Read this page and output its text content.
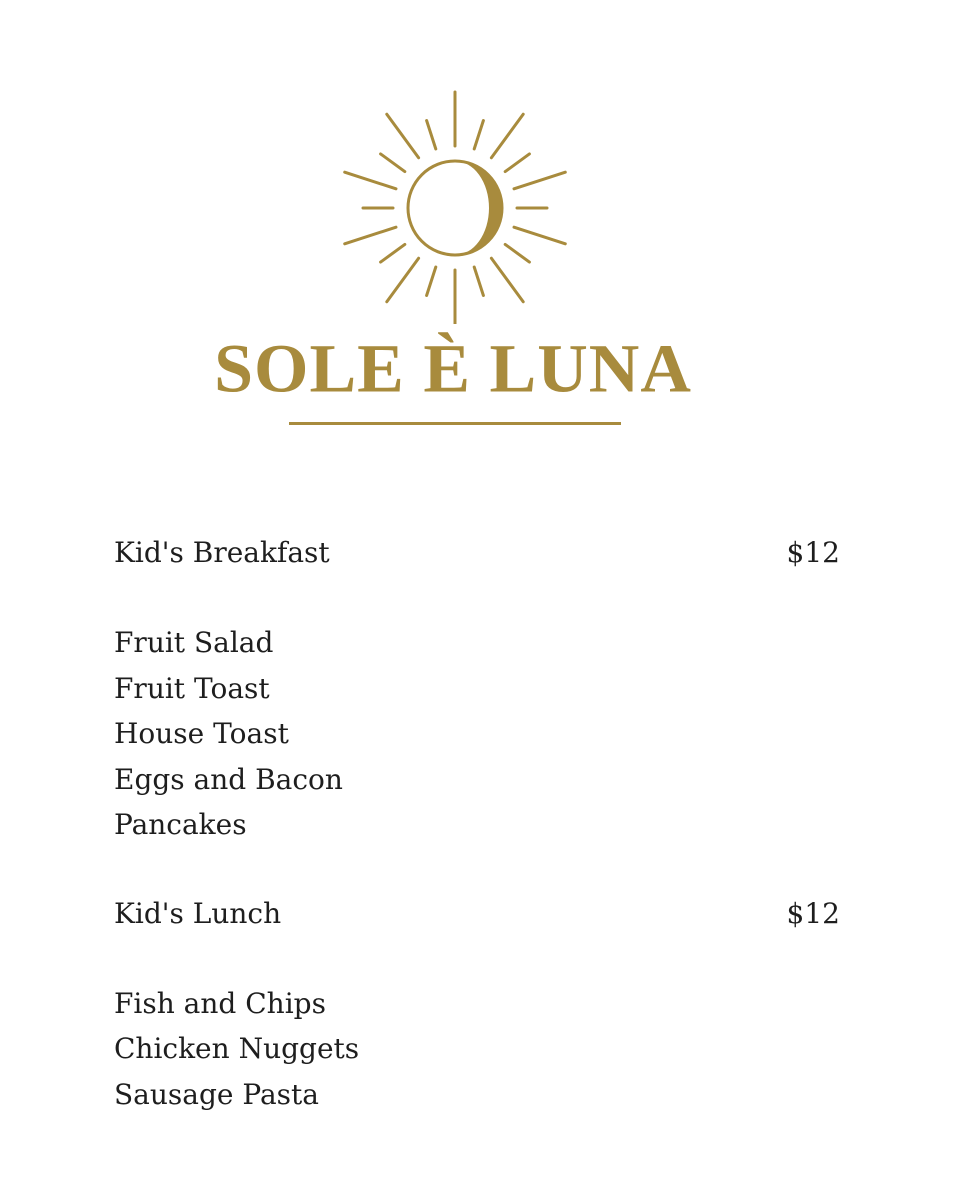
SOLE È LUNA
Kid's Breakfast	$12
Fruit Salad
Fruit Toast
House Toast
Eggs and Bacon
Pancakes
Kid's Lunch	$12
Fish and Chips
Chicken Nuggets
Sausage Pasta
